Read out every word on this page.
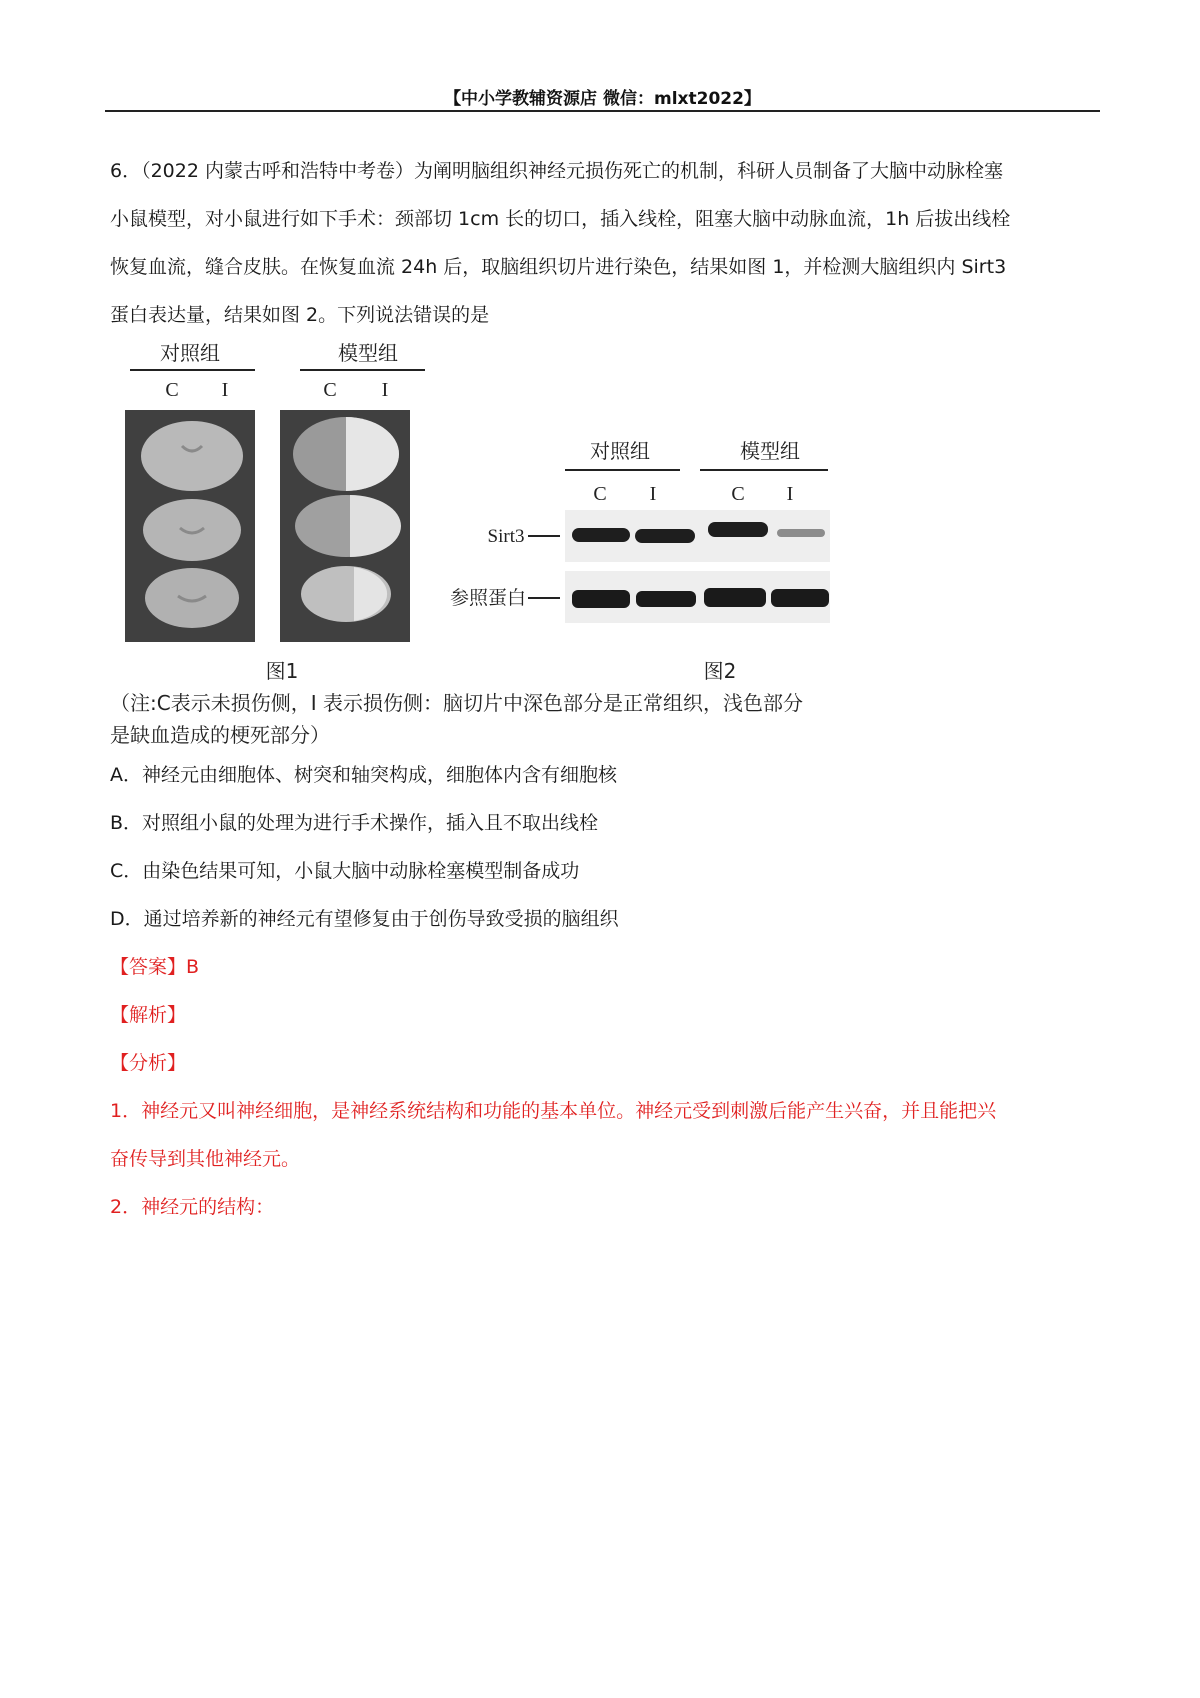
【中小学教辅资源店 微信：mlxt2022】
6．（2022 内蒙古呼和浩特中考卷）为阐明脑组织神经元损伤死亡的机制，科研人员制备了大脑中动脉栓塞
小鼠模型，对小鼠进行如下手术：颈部切 1cm 长的切口，插入线栓，阻塞大脑中动脉血流，1h 后拔出线栓
恢复血流，缝合皮肤。在恢复血流 24h 后，取脑组织切片进行染色，结果如图 1，并检测大脑组织内 Sirt3
蛋白表达量，结果如图 2。下列说法错误的是
对照组	模型组
C I	C I
图1
对照组	模型组
C I	C I
Sirt3
参照蛋白
图2
（注:C表示未损伤侧，I 表示损伤侧：脑切片中深色部分是正常组织，浅色部分
是缺血造成的梗死部分）
A．神经元由细胞体、树突和轴突构成，细胞体内含有细胞核
B．对照组小鼠的处理为进行手术操作，插入且不取出线栓
C．由染色结果可知，小鼠大脑中动脉栓塞模型制备成功
D．通过培养新的神经元有望修复由于创伤导致受损的脑组织
【答案】B
【解析】
【分析】
1．神经元又叫神经细胞，是神经系统结构和功能的基本单位。神经元受到刺激后能产生兴奋，并且能把兴
奋传导到其他神经元。
2．神经元的结构：
